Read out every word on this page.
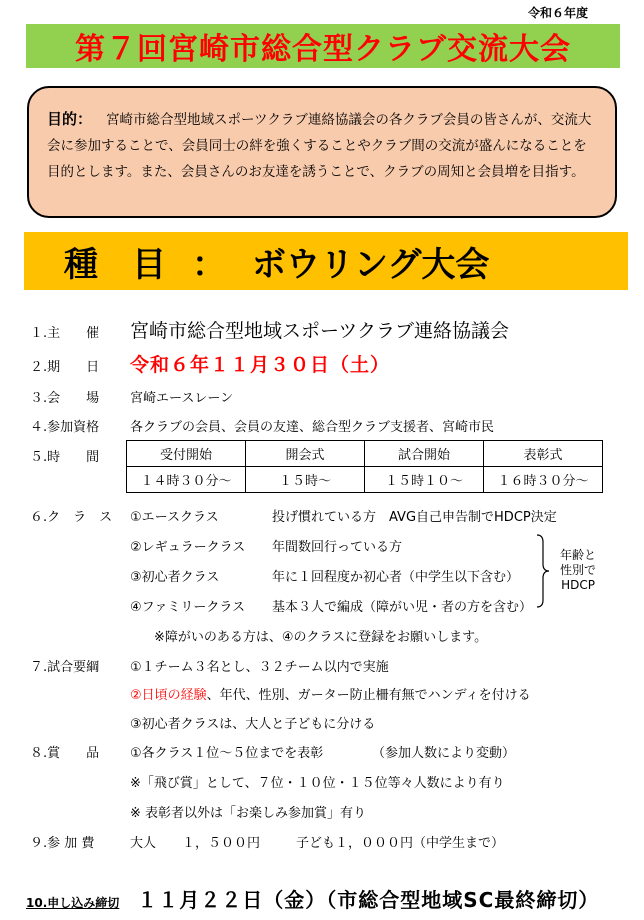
令和６年度
第７回宮崎市総合型クラブ交流大会
目的： 宮崎市総合型地域スポーツクラブ連絡協議会の各クラブ会員の皆さんが、交流大会に参加することで、会員同士の絆を強くすることやクラブ間の交流が盛んになることを目的とします。また、会員さんのお友達を誘うことで、クラブの周知と会員増を目指す。
種　目 ： ボウリング大会
１.主　　催 宮崎市総合型地域スポーツクラブ連絡協議会
２.期　　日 令和６年１１月３０日（土）
３.会　　場 宮崎エースレーン
４.参加資格 各クラブの会員、会員の友達、総合型クラブ支援者、宮崎市民
５.時　　間	受付開始	開会式	試合開始	表彰式
１４時３０分～	１５時～	１５時１０～	１６時３０分～
６.ク　ラ　ス ①エースクラス	投げ慣れている方　AVG自己申告制でHDCP決定
②レギュラークラス 年間数回行っている方
③初心者クラス	年に１回程度か初心者（中学生以下含む）
④ファミリークラス 基本３人で編成（障がい児・者の方を含む）
年齢と
性別で
HDCP
※障がいのある方は、④のクラスに登録をお願いします。
７.試合要綱 ①１チーム３名とし、３２チーム以内で実施
②日頃の経験、年代、性別、ガーター防止柵有無でハンディを付ける
③初心者クラスは、大人と子どもに分ける
８.賞　　品 ①各クラス１位～５位までを表彰	（参加人数により変動）
※「飛び賞」として、７位・１０位・１５位等々人数により有り
※ 表彰者以外は「お楽しみ参加賞」有り
９.参 加 費	大人　　１，５００円	子ども１，０００円（中学生まで）
10.申し込み締切 １１月２２日（金）（市総合型地域SC最終締切）
